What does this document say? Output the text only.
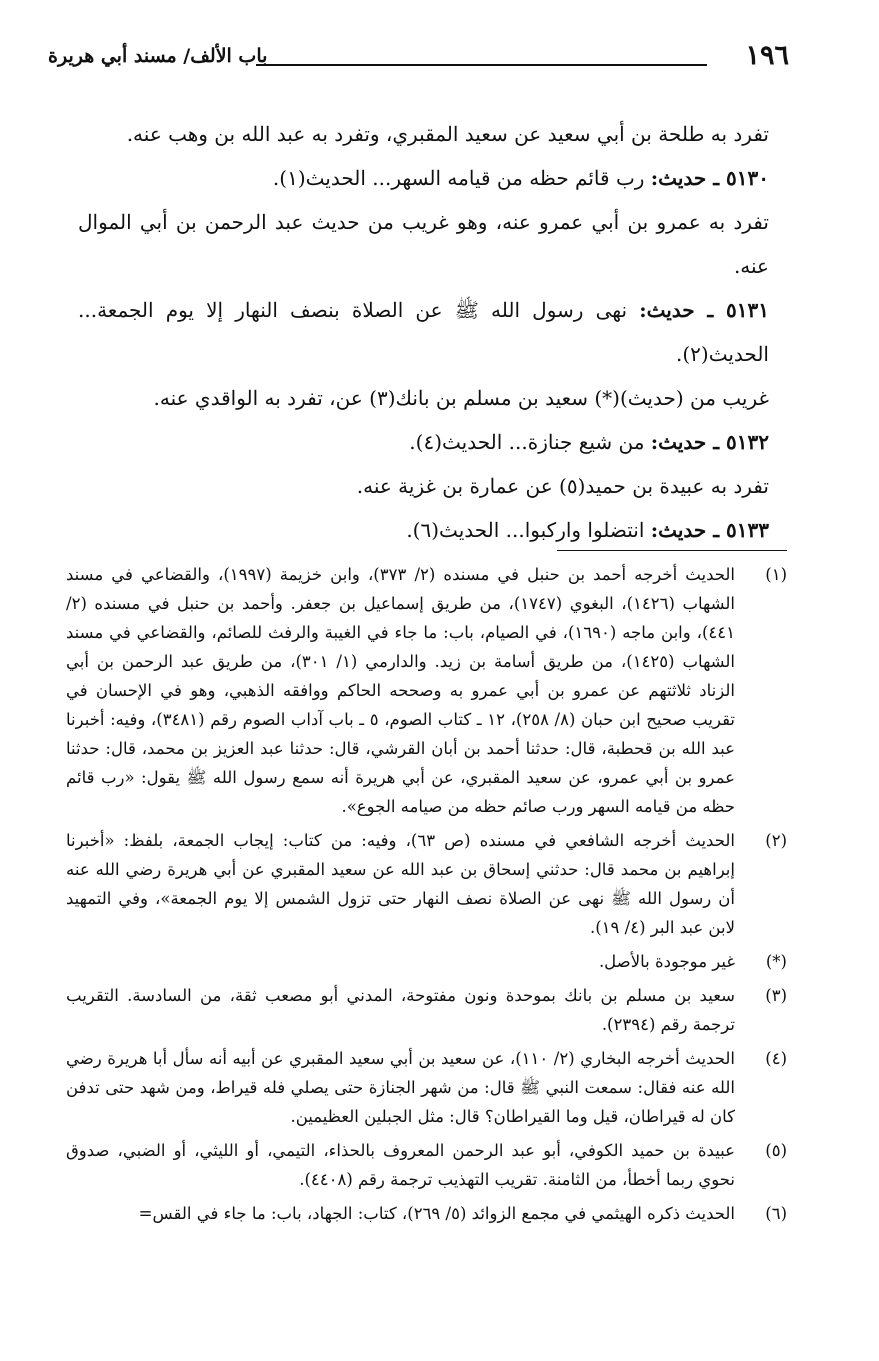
١٩٦
باب الألف/ مسند أبي هريرة

تفرد به طلحة بن أبي سعيد عن سعيد المقبري، وتفرد به عبد الله بن وهب عنه.

٥١٣٠ ـ حديث: رب قائم حظه من قيامه السهر... الحديث(١).

تفرد به عمرو بن أبي عمرو عنه، وهو غريب من حديث عبد الرحمن بن أبي الموال عنه.

٥١٣١ ـ حديث: نهى رسول الله ﷺ عن الصلاة بنصف النهار إلا يوم الجمعة... الحديث(٢).

غريب من (حديث)(*) سعيد بن مسلم بن بانك(٣) عن، تفرد به الواقدي عنه.

٥١٣٢ ـ حديث: من شيع جنازة... الحديث(٤).

تفرد به عبيدة بن حميد(٥) عن عمارة بن غزية عنه.

٥١٣٣ ـ حديث: انتضلوا واركبوا... الحديث(٦).

(١)
الحديث أخرجه أحمد بن حنبل في مسنده (٢/ ٣٧٣)، وابن خزيمة (١٩٩٧)، والقضاعي في مسند الشهاب (١٤٢٦)، البغوي (١٧٤٧)، من طريق إسماعيل بن جعفر. وأحمد بن حنبل في مسنده (٢/ ٤٤١)، وابن ماجه (١٦٩٠)، في الصيام، باب: ما جاء في الغيبة والرفث للصائم، والقضاعي في مسند الشهاب (١٤٢٥)، من طريق أسامة بن زيد. والدارمي (١/ ٣٠١)، من طريق عبد الرحمن بن أبي الزناد ثلاثتهم عن عمرو بن أبي عمرو به وصححه الحاكم ووافقه الذهبي، وهو في الإحسان في تقريب صحيح ابن حبان (٨/ ٢٥٨)، ١٢ ـ كتاب الصوم، ٥ ـ باب آداب الصوم رقم (٣٤٨١)، وفيه: أخبرنا عبد الله بن قحطبة، قال: حدثنا أحمد بن أبان القرشي، قال: حدثنا عبد العزيز بن محمد، قال: حدثنا عمرو بن أبي عمرو، عن سعيد المقبري، عن أبي هريرة أنه سمع رسول الله ﷺ يقول: «رب قائم حظه من قيامه السهر ورب صائم حظه من صيامه الجوع».

(٢)
الحديث أخرجه الشافعي في مسنده (ص ٦٣)، وفيه: من كتاب: إيجاب الجمعة، بلفظ: «أخبرنا إبراهيم بن محمد قال: حدثني إسحاق بن عبد الله عن سعيد المقبري عن أبي هريرة رضي الله عنه أن رسول الله ﷺ نهى عن الصلاة نصف النهار حتى تزول الشمس إلا يوم الجمعة»، وفي التمهيد لابن عبد البر (٤/ ١٩).

(*)
غير موجودة بالأصل.

(٣)
سعيد بن مسلم بن بانك بموحدة ونون مفتوحة، المدني أبو مصعب ثقة، من السادسة. التقريب ترجمة رقم (٢٣٩٤).

(٤)
الحديث أخرجه البخاري (٢/ ١١٠)، عن سعيد بن أبي سعيد المقبري عن أبيه أنه سأل أبا هريرة رضي الله عنه فقال: سمعت النبي ﷺ قال: من شهر الجنازة حتى يصلي فله قيراط، ومن شهد حتى تدفن كان له قيراطان، قيل وما القيراطان؟ قال: مثل الجبلين العظيمين.

(٥)
عبيدة بن حميد الكوفي، أبو عبد الرحمن المعروف بالحذاء، التيمي، أو الليثي، أو الضبي، صدوق نحوي ربما أخطأ، من الثامنة. تقريب التهذيب ترجمة رقم (٤٤٠٨).

(٦)
الحديث ذكره الهيثمي في مجمع الزوائد (٥/ ٢٦٩)، كتاب: الجهاد، باب: ما جاء في القس=
